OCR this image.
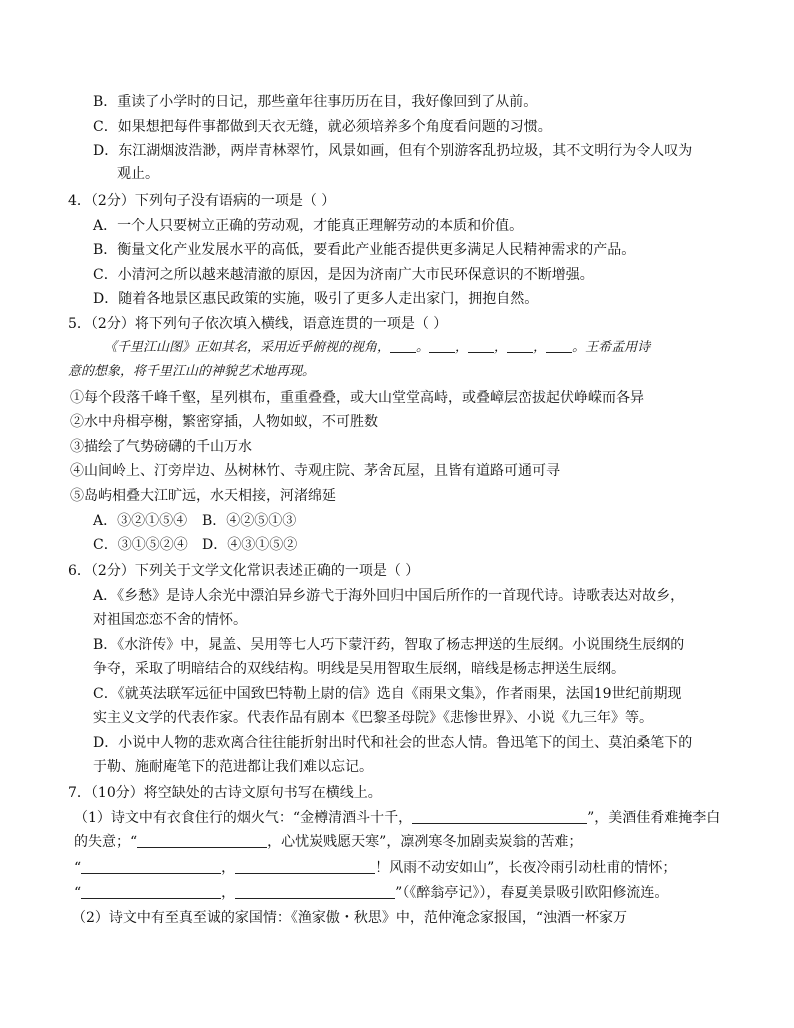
B．重读了小学时的日记，那些童年往事历历在目，我好像回到了从前。
C．如果想把每件事都做到天衣无缝，就必须培养多个角度看问题的习惯。
D．东江湖烟波浩渺，两岸青林翠竹，风景如画，但有个别游客乱扔垃圾，其不文明行为令人叹为
观止。
4．（2分）下列句子没有语病的一项是（ ）
A．一个人只要树立正确的劳动观，才能真正理解劳动的本质和价值。
B．衡量文化产业发展水平的高低，要看此产业能否提供更多满足人民精神需求的产品。
C．小清河之所以越来越清澈的原因，是因为济南广大市民环保意识的不断增强。
D．随着各地景区惠民政策的实施，吸引了更多人走出家门，拥抱自然。
5．（2分）将下列句子依次填入横线，语意连贯的一项是（ ）
《千里江山图》正如其名，采用近乎俯视的视角， 。 ， ， ， 。王希孟用诗
意的想象，将千里江山的神貌艺术地再现。
①每个段落千峰千壑，星列棋布，重重叠叠，或大山堂堂高峙，或叠嶂层峦拔起伏峥嵘而各异
②水中舟楫亭榭，繁密穿插，人物如蚁，不可胜数
③描绘了气势磅礴的千山万水
④山间岭上、汀旁岸边、丛树林竹、寺观庄院、茅舍瓦屋，且皆有道路可通可寻
⑤岛屿相叠大江旷远，水天相接，河渚绵延
A．③②①⑤④ B．④②⑤①③
C．③①⑤②④ D．④③①⑤②
6．（2分）下列关于文学文化常识表述正确的一项是（ ）
A．《乡愁》是诗人余光中漂泊异乡游弋于海外回归中国后所作的一首现代诗。诗歌表达对故乡，
对祖国恋恋不舍的情怀。
B．《水浒传》中，晁盖、吴用等七人巧下蒙汗药，智取了杨志押送的生辰纲。小说围绕生辰纲的
争夺，采取了明暗结合的双线结构。明线是吴用智取生辰纲，暗线是杨志押送生辰纲。
C．《就英法联军远征中国致巴特勒上尉的信》选自《雨果文集》，作者雨果，法国19世纪前期现
实主义文学的代表作家。代表作品有剧本《巴黎圣母院》《悲惨世界》、小说《九三年》等。
D．小说中人物的悲欢离合往往能折射出时代和社会的世态人情。鲁迅笔下的闰土、莫泊桑笔下的
于勒、施耐庵笔下的范进都让我们难以忘记。
7．（10分）将空缺处的古诗文原句书写在横线上。
（1）诗文中有衣食住行的烟火气：“金樽清酒斗十千，	”，美酒佳肴难掩李白
的失意；“	，心忧炭贱愿天寒”，凛冽寒冬加剧卖炭翁的苦难；
“	，	！风雨不动安如山”，长夜冷雨引动杜甫的情怀；
“	，	”（《醉翁亭记》），春夏美景吸引欧阳修流连。
（2）诗文中有至真至诚的家国情：《渔家傲・秋思》中，范仲淹念家报国，“浊酒一杯家万
